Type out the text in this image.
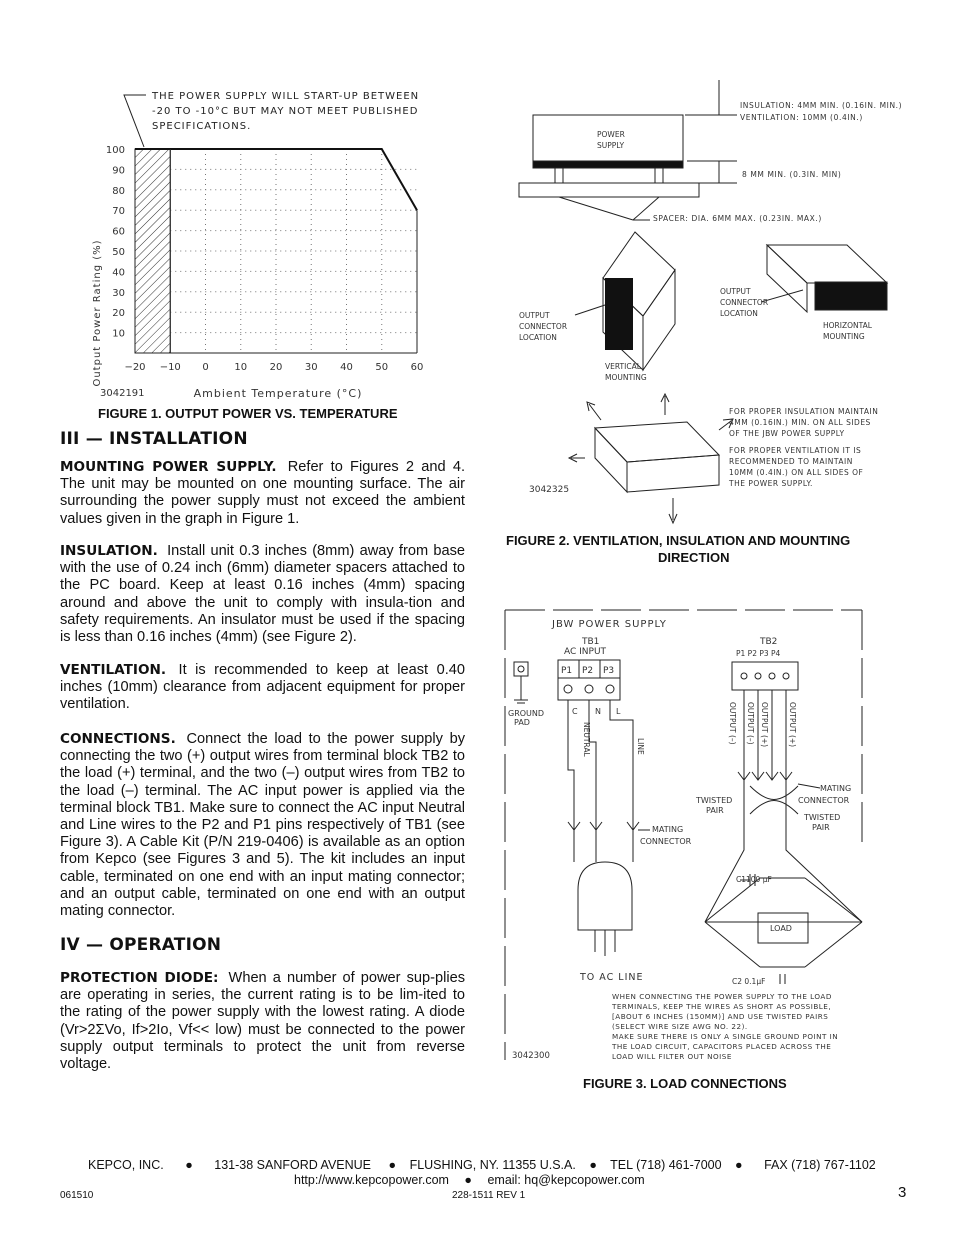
THE POWER SUPPLY WILL START-UP BETWEEN
-20 TO -10°C BUT MAY NOT MEET PUBLISHED
SPECIFICATIONS.
−20 −10 0	10 20 30 40 50 60
10
20
30
40
50
60
70
80
90
100
Output Power Rating (%)
Ambient Temperature (°C)
3042191
FIGURE 1. OUTPUT POWER VS. TEMPERATURE
III — INSTALLATION
MOUNTING POWER SUPPLY. Refer to Figures 2 and 4. The unit may be mounted on one mounting surface. The air surrounding the power supply must not exceed the ambient values given in the graph in Figure 1.
INSULATION. Install unit 0.3 inches (8mm) away from base with the use of 0.24 inch (6mm) diameter spacers attached to the PC board. Keep at least 0.16 inches (4mm) spacing around and above the unit to comply with insula-tion and safety requirements. An insulator must be used if the spacing is less than 0.16 inches (4mm) (see Figure 2).
VENTILATION. It is recommended to keep at least 0.40 inches (10mm) clearance from adjacent equipment for proper ventilation.
CONNECTIONS. Connect the load to the power supply by connecting the two (+) output wires from terminal block TB2 to the load (+) terminal, and the two (–) output wires from TB2 to the load (–) terminal. The AC input power is applied via the terminal block TB1. Make sure to connect the AC input Neutral and Line wires to the P2 and P1 pins respectively of TB1 (see Figure 3). A Cable Kit (P/N 219-0406) is available as an option from Kepco (see Figures 3 and 5). The kit includes an input cable, terminated on one end with an input mating connector; and an output cable, terminated on one end with an output mating connector.
IV — OPERATION
PROTECTION DIODE: When a number of power sup-plies are operating in series, the current rating is to be lim-ited to the rating of the power supply with the lowest rating. A diode (Vr>2ΣVo, If>2Io, Vf<< low) must be connected to the power supply output terminals to protect the unit from reverse voltage.
INSULATION: 4MM MIN. (0.16IN. MIN.)
VENTILATION: 10MM (0.4IN.)
POWER
SUPPLY
8 MM MIN. (0.3IN. MIN)
SPACER: DIA. 6MM MAX. (0.23IN. MAX.)
OUTPUT
CONNECTOR
LOCATION
OUTPUT
CONNECTOR
LOCATION
VERTICAL
MOUNTING
HORIZONTAL
MOUNTING
FOR PROPER INSULATION MAINTAIN
4MM (0.16IN.) MIN. ON ALL SIDES
OF THE JBW POWER SUPPLY
FOR PROPER VENTILATION IT IS
RECOMMENDED TO MAINTAIN
10MM (0.4IN.) ON ALL SIDES OF
THE POWER SUPPLY.
3042325
FIGURE 2. VENTILATION, INSULATION AND MOUNTING
DIRECTION
JBW POWER SUPPLY
TB1
AC INPUT
P1 P2 P3
TB2
P1 P2 P3 P4
GROUND
PAD
C N L
NEUTRAL	LINE
OUTPUT (–) OUTPUT (–) OUTPUT (+)	OUTPUT (+)
MATING
CONNECTOR
TWISTED
PAIR
TWISTED
PAIR
MATING
CONNECTOR
C1100 μF
LOAD
C2 0.1μF
TO AC LINE
WHEN CONNECTING THE POWER SUPPLY TO THE LOAD
TERMINALS, KEEP THE WIRES AS SHORT AS POSSIBLE,
[ABOUT 6 INCHES (150MM)] AND USE TWISTED PAIRS
(SELECT WIRE SIZE AWG NO. 22).
MAKE SURE THERE IS ONLY A SINGLE GROUND POINT IN
THE LOAD CIRCUIT, CAPACITORS PLACED ACROSS THE
LOAD WILL FILTER OUT NOISE
3042300
FIGURE 3. LOAD CONNECTIONS
KEPCO, INC. ● 131-38 SANFORD AVENUE ● FLUSHING, NY. 11355 U.S.A. ● TEL (718) 461-7000 ● FAX (718) 767-1102
http://www.kepcopower.com ● email: hq@kepcopower.com
061510	228-1511 REV 1	3
